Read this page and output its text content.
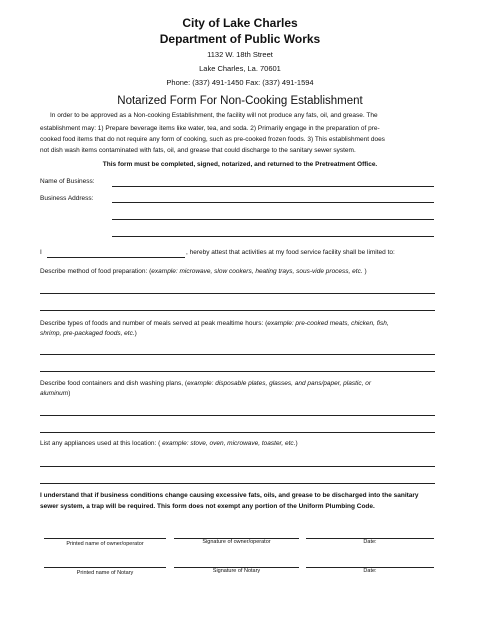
City of Lake Charles
Department of Public Works
1132 W. 18th Street
Lake Charles, La. 70601
Phone: (337) 491-1450 Fax: (337) 491-1594
Notarized Form For Non-Cooking Establishment
In order to be approved as a Non-cooking Establishment, the facility will not produce any fats, oil, and grease. The
establishment may: 1) Prepare beverage items like water, tea, and soda. 2) Primarily engage in the preparation of pre-
cooked food items that do not require any form of cooking, such as pre-cooked frozen foods. 3) This establishment does
not dish wash items contaminated with fats, oil, and grease that could discharge to the sanitary sewer system.
This form must be completed, signed, notarized, and returned to the Pretreatment Office.
Name of Business:
Business Address:
I	, hereby attest that activities at my food service facility shall be limited to:
Describe method of food preparation: (example: microwave, slow cookers, heating trays, sous-vide process, etc. )
Describe types of foods and number of meals served at peak mealtime hours: (example: pre-cooked meats, chicken, fish,
shrimp, pre-packaged foods, etc.)
Describe food containers and dish washing plans, (example: disposable plates, glasses, and pans/paper, plastic, or
aluminum)
List any appliances used at this location: ( example: stove, oven, microwave, toaster, etc.)
I understand that if business conditions change causing excessive fats, oils, and grease to be discharged into the sanitary
sewer system, a trap will be required. This form does not exempt any portion of the Uniform Plumbing Code.
Printed name of owner/operator	Signature of owner/operator	Date:
Printed name of Notary	Signature of Notary	Date:
